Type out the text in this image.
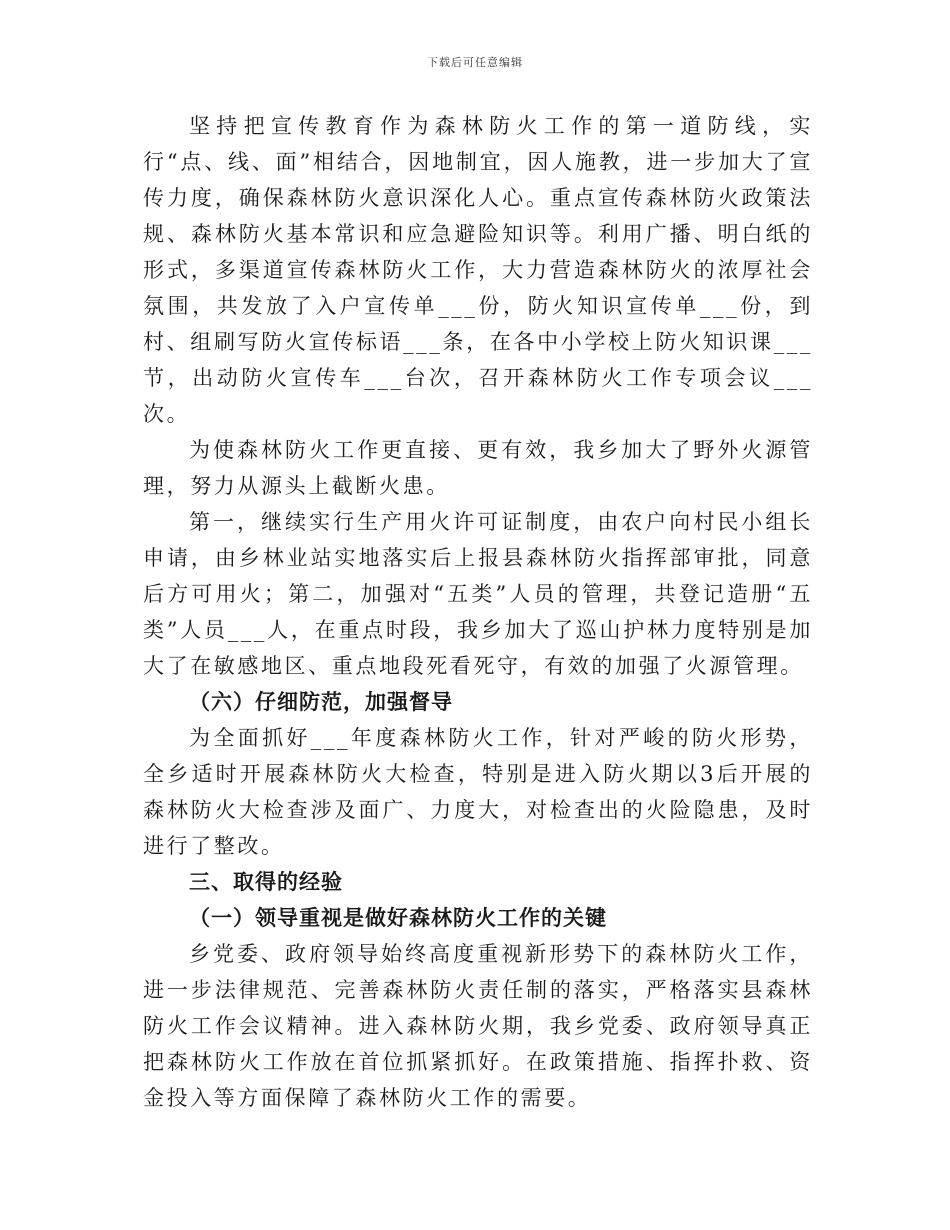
下载后可任意编辑

坚持把宣传教育作为森林防火工作的第一道防线，实行“点、线、面”相结合，因地制宜，因人施教，进一步加大了宣传力度，确保森林防火意识深化人心。重点宣传森林防火政策法规、森林防火基本常识和应急避险知识等。利用广播、明白纸的形式，多渠道宣传森林防火工作，大力营造森林防火的浓厚社会氛围，共发放了入户宣传单___份，防火知识宣传单___份，到村、组刷写防火宣传标语___条，在各中小学校上防火知识课___节，出动防火宣传车___台次，召开森林防火工作专项会议___次。

为使森林防火工作更直接、更有效，我乡加大了野外火源管理，努力从源头上截断火患。

第一，继续实行生产用火许可证制度，由农户向村民小组长申请，由乡林业站实地落实后上报县森林防火指挥部审批，同意后方可用火；第二，加强对“五类”人员的管理，共登记造册“五类”人员___人，在重点时段，我乡加大了巡山护林力度特别是加大了在敏感地区、重点地段死看死守，有效的加强了火源管理。

（六）仔细防范，加强督导

为全面抓好___年度森林防火工作，针对严峻的防火形势，全乡适时开展森林防火大检查，特别是进入防火期以3后开展的森林防火大检查涉及面广、力度大，对检查出的火险隐患，及时进行了整改。

三、取得的经验

（一）领导重视是做好森林防火工作的关键

乡党委、政府领导始终高度重视新形势下的森林防火工作，进一步法律规范、完善森林防火责任制的落实，严格落实县森林防火工作会议精神。进入森林防火期，我乡党委、政府领导真正把森林防火工作放在首位抓紧抓好。在政策措施、指挥扑救、资金投入等方面保障了森林防火工作的需要。
